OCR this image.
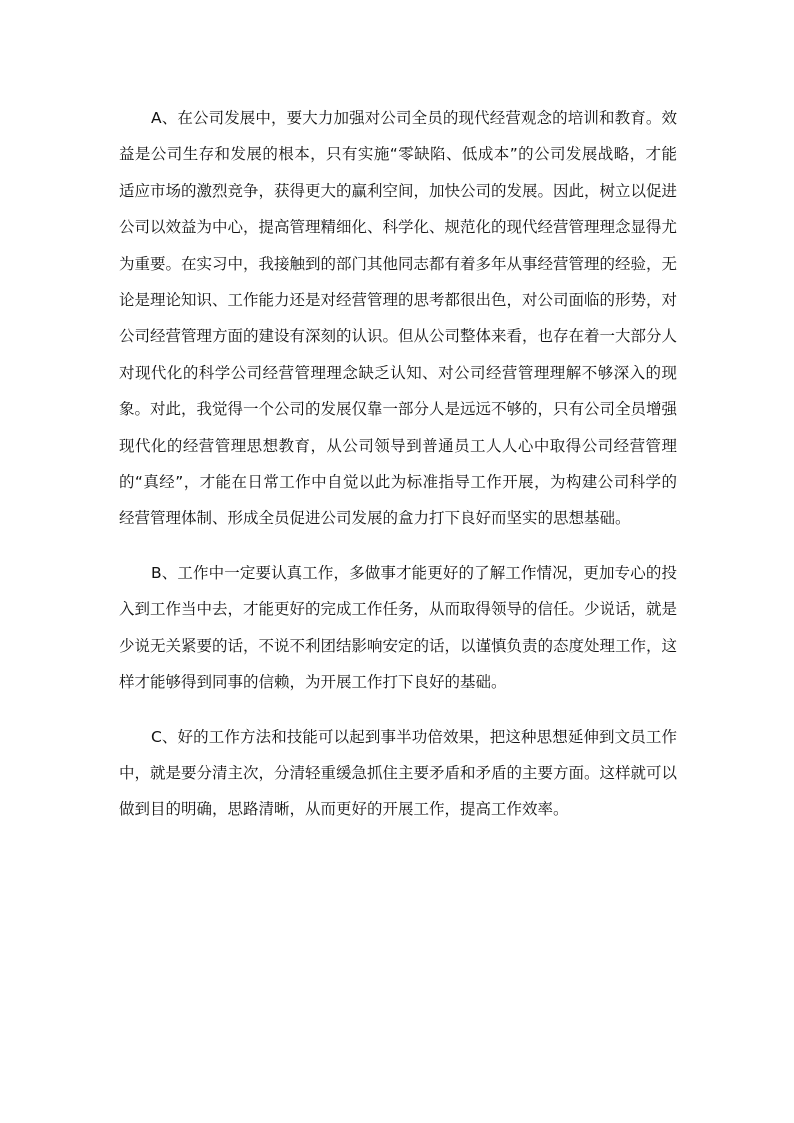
A、在公司发展中，要大力加强对公司全员的现代经营观念的培训和教育。效益是公司生存和发展的根本，只有实施“零缺陷、低成本”的公司发展战略，才能适应市场的激烈竞争，获得更大的赢利空间，加快公司的发展。因此，树立以促进公司以效益为中心，提高管理精细化、科学化、规范化的现代经营管理理念显得尤为重要。在实习中，我接触到的部门其他同志都有着多年从事经营管理的经验，无论是理论知识、工作能力还是对经营管理的思考都很出色，对公司面临的形势，对公司经营管理方面的建设有深刻的认识。但从公司整体来看，也存在着一大部分人对现代化的科学公司经营管理理念缺乏认知、对公司经营管理理解不够深入的现象。对此，我觉得一个公司的发展仅靠一部分人是远远不够的，只有公司全员增强现代化的经营管理思想教育，从公司领导到普通员工人人心中取得公司经营管理的“真经”，才能在日常工作中自觉以此为标准指导工作开展，为构建公司科学的经营管理体制、形成全员促进公司发展的盒力打下良好而坚实的思想基础。

B、工作中一定要认真工作，多做事才能更好的了解工作情况，更加专心的投入到工作当中去，才能更好的完成工作任务，从而取得领导的信任。少说话，就是少说无关紧要的话，不说不利团结影响安定的话，以谨慎负责的态度处理工作，这样才能够得到同事的信赖，为开展工作打下良好的基础。

C、好的工作方法和技能可以起到事半功倍效果，把这种思想延伸到文员工作中，就是要分清主次，分清轻重缓急抓住主要矛盾和矛盾的主要方面。这样就可以做到目的明确，思路清晰，从而更好的开展工作，提高工作效率。
